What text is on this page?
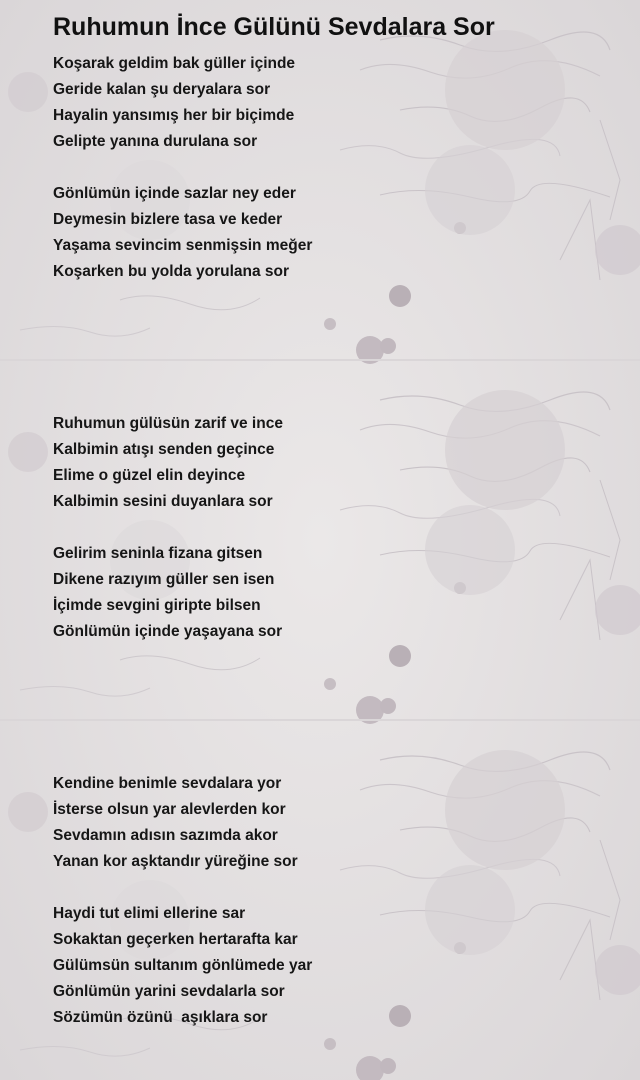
Ruhumun İnce Gülünü Sevdalara Sor
Koşarak geldim bak güller içinde
Geride kalan şu deryalara sor
Hayalin yansımış her bir biçimde
Gelipte yanına durulana sor
Gönlümün içinde sazlar ney eder
Deymesin bizlere tasa ve keder
Yaşama sevincim senmişsin meğer
Koşarken bu yolda yorulana sor
Ruhumun gülüsün zarif ve ince
Kalbimin atışı senden geçince
Elime o güzel elin deyince
Kalbimin sesini duyanlara sor
Gelirim seninla fizana gitsen
Dikene razıyım güller sen isen
İçimde sevgini giripte bilsen
Gönlümün içinde yaşayana sor
Kendine benimle sevdalara yor
İsterse olsun yar alevlerden kor
Sevdamın adısın sazımda akor
Yanan kor aşktandır yüreğine sor
Haydi tut elimi ellerine sar
Sokaktan geçerken hertarafta kar
Gülümsün sultanım gönlümede yar
Gönlümün yarini sevdalarla sor
Sözümün özünü  aşıklara sor
